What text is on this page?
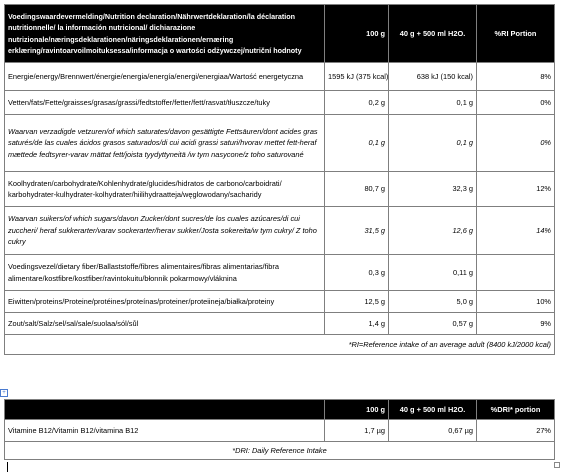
Voedingswaardevermelding/Nutrition declaration/Nährwertdeklaration/la déclaration nutritionnelle/ la información nutricional/ dichiarazione nutrizionale/næringsdeklarationen/näringsdeklarationen/ernæring erklæring/ravintoarvoilmoituksessa/informacja o wartości odżywczej/nutriční hodnoty	100 g	40 g + 500 ml H2O.	%RI Portion
Energie/energy/Brennwert/énergie/energia/energía/energi/energiaa/Wartość energetyczna	1595 kJ (375 kcal)	638 kJ (150 kcal)	8%
Vetten/fats/Fette/graisses/grasas/grassi/fedtstoffer/fetter/fett/rasvat/tłuszcze/tuky	0,2 g	0,1 g	0%
Waarvan verzadigde vetzuren/of which saturates/davon gesättigte Fettsäuren/dont acides gras saturés/de las cuales ácidos grasos saturados/di cui acidi grassi saturi/hvorav mettet fett-heraf mættede fedtsyrer-varav mättat fett/joista tyydyttyneitä /w tym nasycone/z toho saturované	0,1 g	0,1 g	0%
Koolhydraten/carbohydrate/Kohlenhydrate/glucides/hidratos de carbono/carboidrati/ karbohydrater-kulhydrater-kolhydrater/hiilihydraatteja/węglowodany/sacharidy	80,7 g	32,3 g	12%
Waarvan suikers/of which sugars/davon Zucker/dont sucres/de los cuales azúcares/di cui zuccheri/ heraf sukkerarter/varav sockerarter/herav sukker/Josta sokereita/w tym cukry/ Z toho cukry	31,5 g	12,6 g	14%
Voedingsvezel/dietary fiber/Ballaststoffe/fibres alimentaires/fibras alimentarias/fibra alimentare/kostfibre/kostfiber/ravintokuitu/błonnik pokarmowy/vláknina	0,3 g	0,11 g	
Eiwitten/proteins/Proteine/protéines/proteínas/proteiner/proteiineja/białka/proteiny	12,5 g	5,0 g	10%
Zout/salt/Salz/sel/sal/sale/suolaa/sól/sůl	1,4 g	0,57 g	9%
*RI=Reference intake of an average adult (8400 kJ/2000 kcal)			
+
	100 g	40 g + 500 ml H2O.	%DRI* portion
Vitamine B12/Vitamin B12/vitamina B12	1,7 µg	0,67 µg	27%
*DRI: Daily Reference Intake			
